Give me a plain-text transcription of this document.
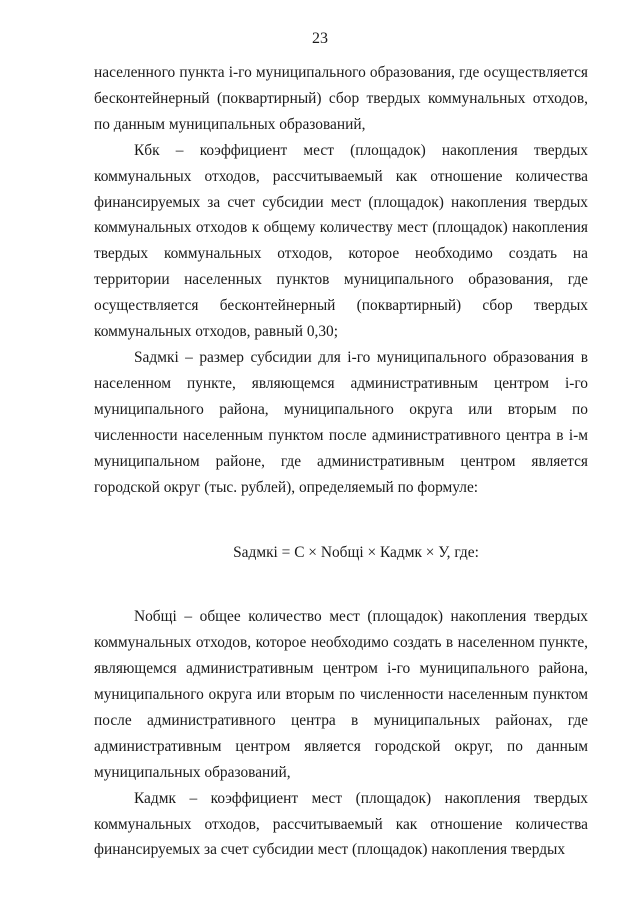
23

населенного пункта i-го муниципального образования, где осуществляется бесконтейнерный (поквартирный) сбор твердых коммунальных отходов, по данным муниципальных образований,

Кбк – коэффициент мест (площадок) накопления твердых коммунальных отходов, рассчитываемый как отношение количества финансируемых за счет субсидии мест (площадок) накопления твердых коммунальных отходов к общему количеству мест (площадок) накопления твердых коммунальных отходов, которое необходимо создать на территории населенных пунктов муниципального образования, где осуществляется бесконтейнерный (поквартирный) сбор твердых коммунальных отходов, равный 0,30;

Sадмкi – размер субсидии для i-го муниципального образования в населенном пункте, являющемся административным центром i-го муниципального района, муниципального округа или вторым по численности населенным пунктом после административного центра в i-м муниципальном районе, где административным центром является городской округ (тыс. рублей), определяемый по формуле:

Sадмкi = С × Nобщi × Кадмк × У, где:

Nобщi – общее количество мест (площадок) накопления твердых коммунальных отходов, которое необходимо создать в населенном пункте, являющемся административным центром i-го муниципального района, муниципального округа или вторым по численности населенным пунктом после административного центра в муниципальных районах, где административным центром является городской округ, по данным муниципальных образований,

Кадмк – коэффициент мест (площадок) накопления твердых коммунальных отходов, рассчитываемый как отношение количества финансируемых за счет субсидии мест (площадок) накопления твердых
